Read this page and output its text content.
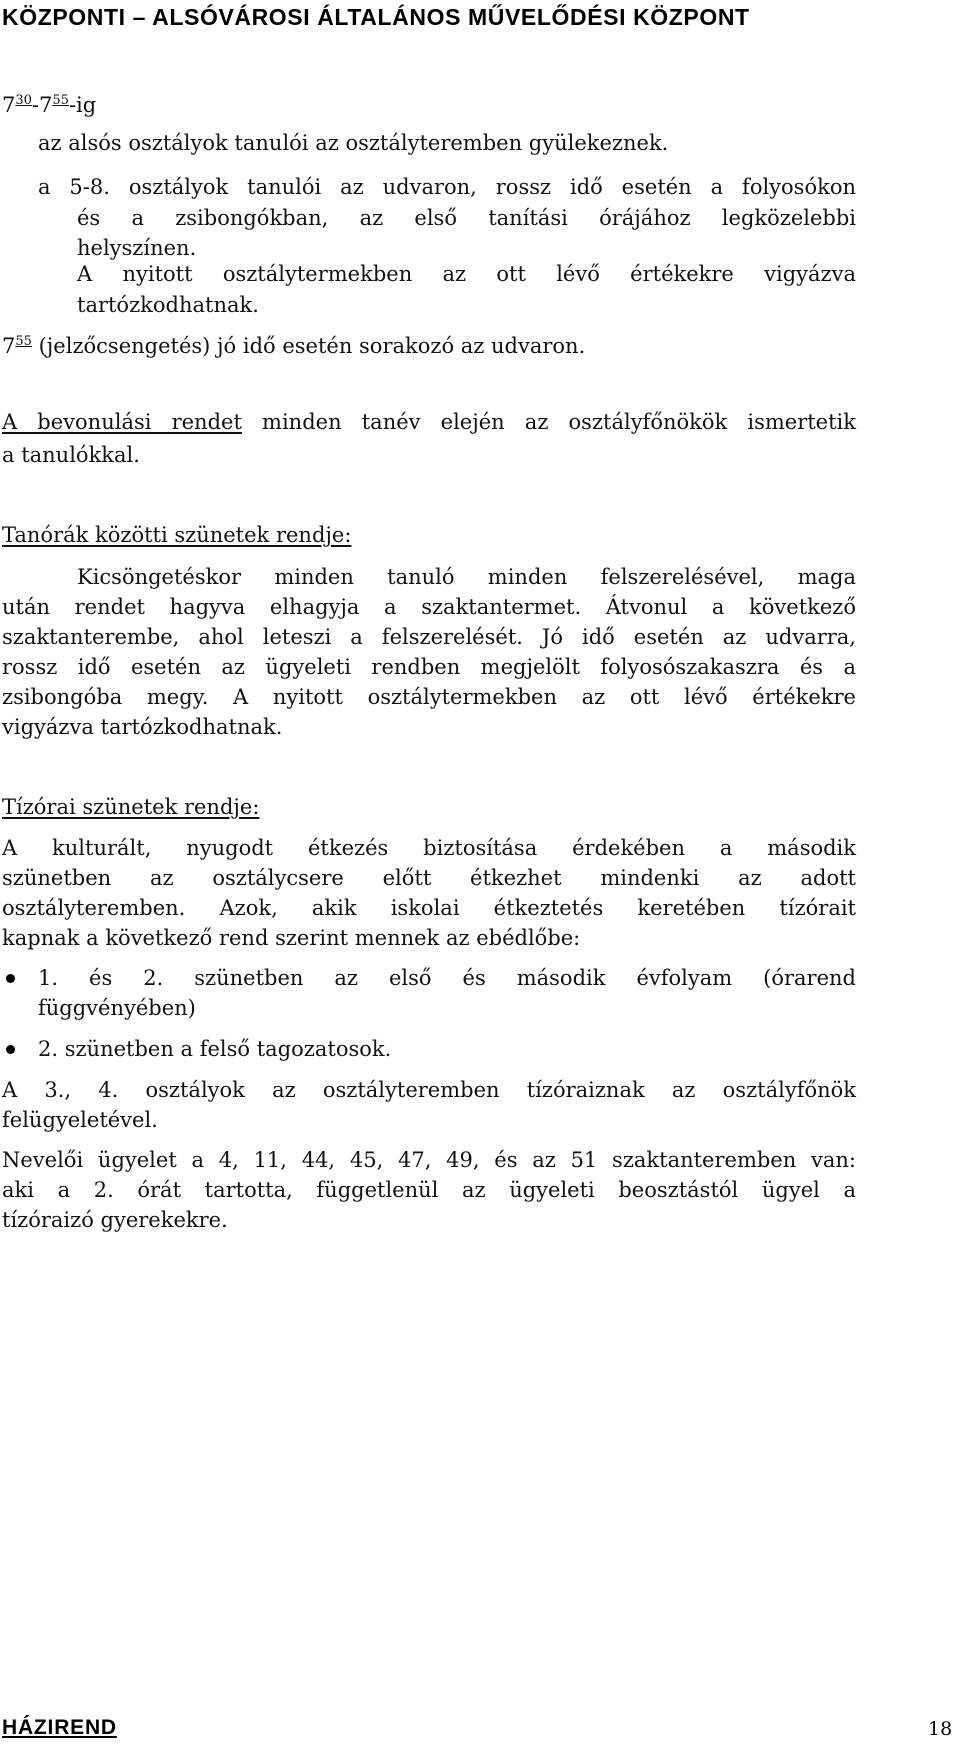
KÖZPONTI – ALSÓVÁROSI ÁLTALÁNOS MŰVELŐDÉSI KÖZPONT
$7^{30}-7^{55}-ig$
az alsós osztályok tanulói az osztályteremben gyülekeznek.
a 5-8. osztályok tanulói az udvaron, rossz idő esetén a folyosókon
és a zsibongókban, az első tanítási órájához legközelebbi
helyszínen.
A nyitott osztálytermekben az ott lévő értékekre vigyázva
tartózkodhatnak.
$7^{55}$ (jelzőcsengetés) jó idő esetén sorakozó az udvaron.
A bevonulási rendet minden tanév elején az osztályfőnökök ismertetik
a tanulókkal.
Tanórák közötti szünetek rendje:
Kicsöngetéskor minden tanuló minden felszerelésével, maga
után rendet hagyva elhagyja a szaktantermet. Átvonul a következő
szaktanterembe, ahol leteszi a felszerelését. Jó idő esetén az udvarra,
rossz idő esetén az ügyeleti rendben megjelölt folyosószakaszra és a
zsibongóba megy. A nyitott osztálytermekben az ott lévő értékekre
vigyázva tartózkodhatnak.
Tízórai szünetek rendje:
A kulturált, nyugodt étkezés biztosítása érdekében a második
szünetben az osztálycsere előtt étkezhet mindenki az adott
osztályteremben. Azok, akik iskolai étkeztetés keretében tízórait
kapnak a következő rend szerint mennek az ebédlőbe:
1. és 2. szünetben az első és második évfolyam (órarend
függvényében)
2. szünetben a felső tagozatosok.
A 3., 4. osztályok az osztályteremben tízóraiznak az osztályfőnök
felügyeletével.
Nevelői ügyelet a 4, 11, 44, 45, 47, 49, és az 51 szaktanteremben van:
aki a 2. órát tartotta, függetlenül az ügyeleti beosztástól ügyel a
tízóraizó gyerekekre.
HÁZIREND	18
